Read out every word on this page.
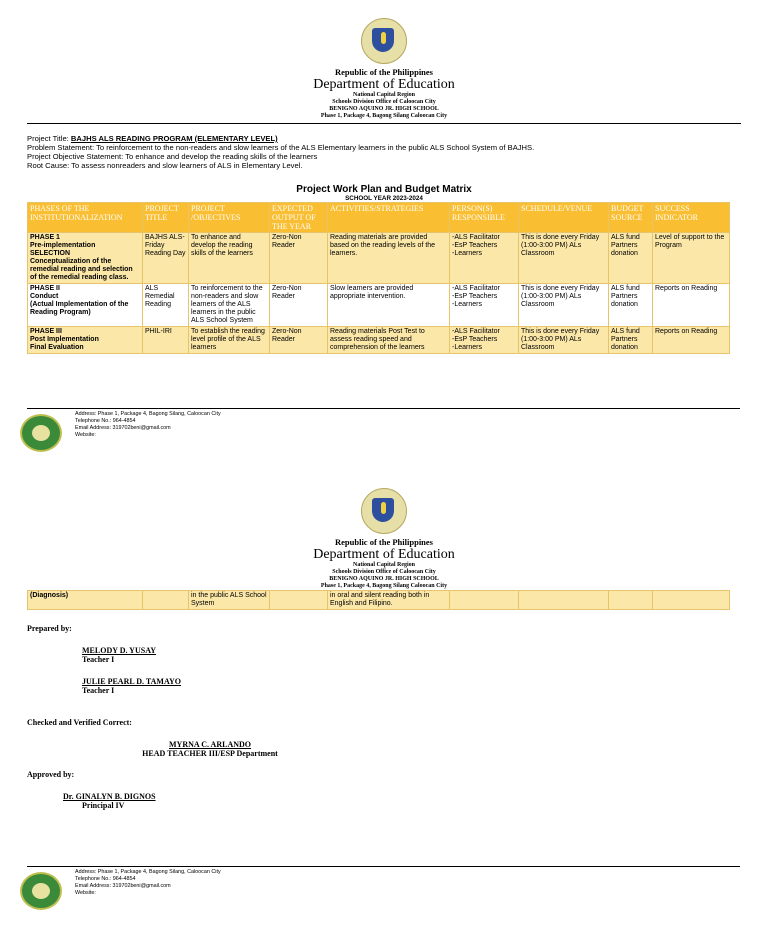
Republic of the Philippines
Department of Education
National Capital Region
Schools Division Office of Caloocan City
BENIGNO AQUINO JR. HIGH SCHOOL
Phase 1, Package 4, Bagong Silang Caloocan City
Project Title: BAJHS ALS READING PROGRAM (ELEMENTARY LEVEL)
Problem Statement: To reinforcement to the non-readers and slow learners of the ALS Elementary learners in the public ALS School System of BAJHS.
Project Objective Statement: To enhance and develop the reading skills of the learners
Root Cause: To assess nonreaders and slow learners of ALS in Elementary Level.
Project Work Plan and Budget Matrix
SCHOOL YEAR 2023-2024
PHASES OF THE INSTITUTIONALIZATION	PROJECT TITLE	PROJECT /OBJECTIVES	EXPECTED OUTPUT OF THE YEAR	ACTIVITIES/STRATEGIES	PERSON(S) RESPONSIBLE	SCHEDULE/VENUE	BUDGET SOURCE	SUCCESS INDICATOR
PHASE 1
Pre-implementation
SELECTION
Conceptualization of the remedial reading and selection of the remedial reading class.	BAJHS ALS-Friday Reading Day	To enhance and develop the reading skills of the learners	Zero-Non Reader	Reading materials are provided based on the reading levels of the learners.	-ALS Facilitator
-EsP Teachers
-Learners	This is done every Friday (1:00-3:00 PM) ALs Classroom	ALS fund Partners donation	Level of support to the Program
PHASE II
Conduct
(Actual Implementation of the Reading Program)	ALS Remedial Reading	To reinforcement to the non-readers and slow learners of the ALS learners in the public ALS School System	Zero-Non Reader	Slow learners are provided appropriate intervention.	-ALS Facilitator
-EsP Teachers
-Learners	This is done every Friday (1:00-3:00 PM) ALs Classroom	ALS fund Partners donation	Reports on Reading
PHASE III
Post Implementation
Final Evaluation	PHIL-IRI	To establish the reading level profile of the ALS learners	Zero-Non Reader	Reading materials Post Test to assess reading speed and comprehension of the learners	-ALS Facilitator
-EsP Teachers
-Learners	This is done every Friday (1:00-3:00 PM) ALs Classroom	ALS fund Partners donation	Reports on Reading
Address: Phase 1, Package 4, Bagong Silang, Caloocan City
Telephone No.: 964-4854
Email Address: 319702beni@gmail.com
Website:
Republic of the Philippines
Department of Education
National Capital Region
Schools Division Office of Caloocan City
BENIGNO AQUINO JR. HIGH SCHOOL
Phase 1, Package 4, Bagong Silang Caloocan City
(Diagnosis)		in the public ALS School System		in oral and silent reading both in English and Filipino.				
Prepared by:
MELODY D. YUSAY
Teacher I
JULIE PEARL D. TAMAYO
Teacher I
Checked and Verified Correct:
MYRNA C. ARLANDO
HEAD TEACHER III/ESP Department
Approved by:
Dr. GINALYN B. DIGNOS
Principal IV
Address: Phase 1, Package 4, Bagong Silang, Caloocan City
Telephone No.: 964-4854
Email Address: 319702beni@gmail.com
Website:
